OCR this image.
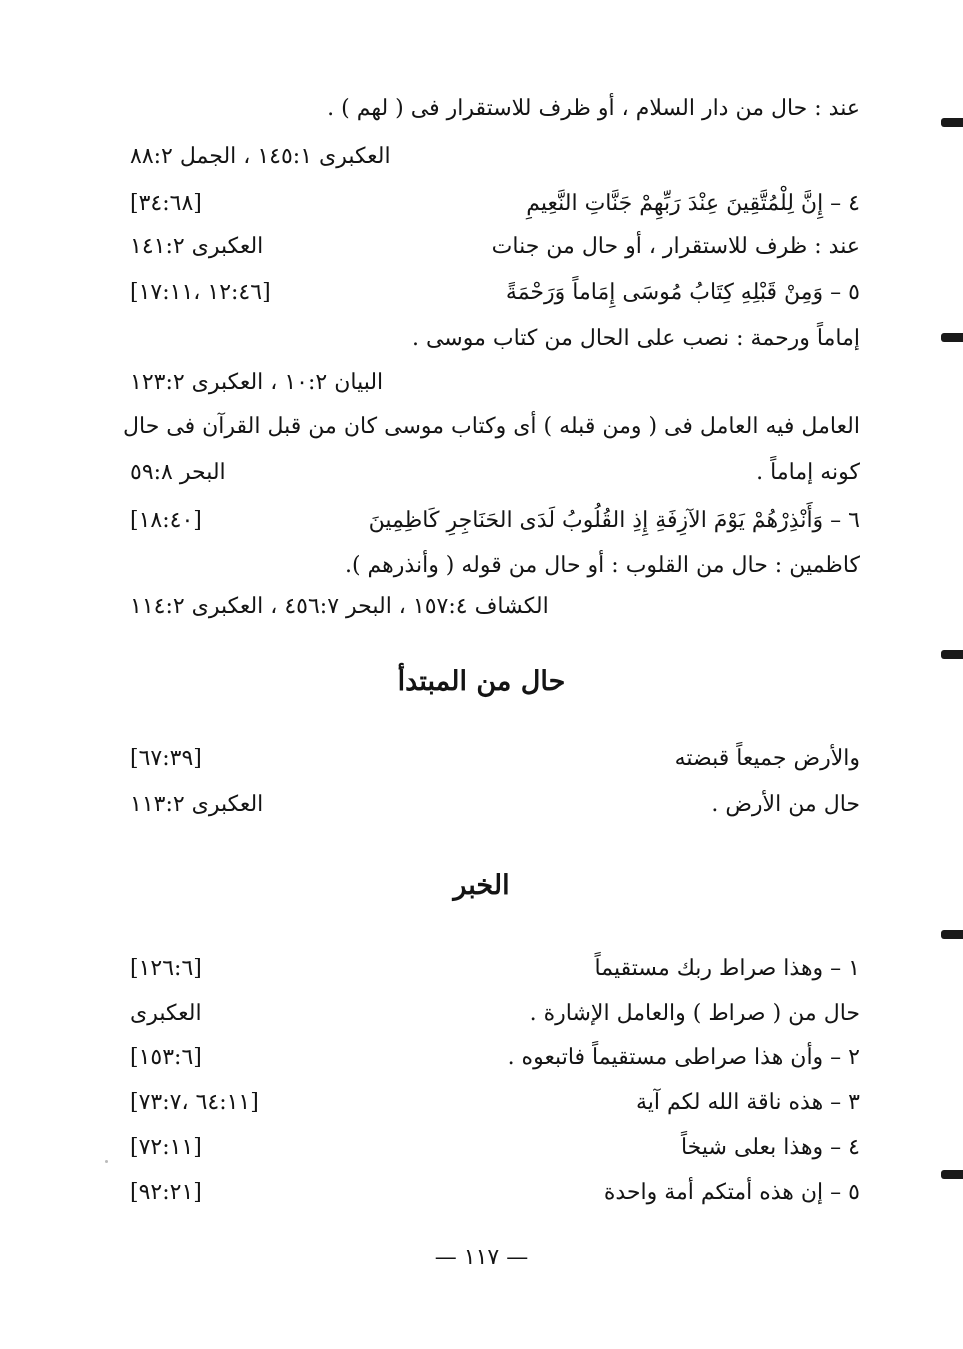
عند : حال من دار السلام ، أو ظرف للاستقرار فى ( لهم ) .
العكبرى ١٤٥:١ ، الجمل ٨٨:٢
٤ – إِنَّ لِلْمُتَّقِينَ عِنْدَ رَبِّهِمْ جَنَّاتِ النَّعِيمِ
[٣٤:٦٨]
عند : ظرف للاستقرار ، أو حال من جنات
العكبرى ١٤١:٢
٥ – وَمِنْ قَبْلِهِ كِتَابُ مُوسَى إِمَاماً وَرَحْمَةً
[١٢:٤٦ ،١٧:١١]
إماماً ورحمة : نصب على الحال من كتاب موسى .
البيان ١٠:٢ ، العكبرى ١٢٣:٢
العامل فيه العامل فى ( ومن قبله ) أى وكتاب موسى كان من قبل القرآن فى حال
كونه إماماً .
البحر ٥٩:٨
٦ – وَأَنْذِرْهُمْ يَوْمَ الآزِفَةِ إِذِ القُلُوبُ لَدَى الحَنَاجِرِ كَاظِمِينَ
[١٨:٤٠]
كاظمين : حال من القلوب : أو حال من قوله ( وأنذرهم ).
الكشاف ١٥٧:٤ ، البحر ٤٥٦:٧ ، العكبرى ١١٤:٢
حال من المبتدأ
والأرض جميعاً قبضته
[٦٧:٣٩]
حال من الأرض .
العكبرى ١١٣:٢
الخبر
١ – وهذا صراط ربك مستقيماً
[١٢٦:٦]
حال من ( صراط ) والعامل الإشارة .
العكبرى
٢ – وأن هذا صراطى مستقيماً فاتبعوه .
[١٥٣:٦]
٣ – هذه ناقة الله لكم آية
[٦٤:١١ ،٧٣:٧]
٤ – وهذا بعلى شيخاً
[٧٢:١١]
٥ – إن هذه أمتكم أمة واحدة
[٩٢:٢١]
— ١١٧ —
